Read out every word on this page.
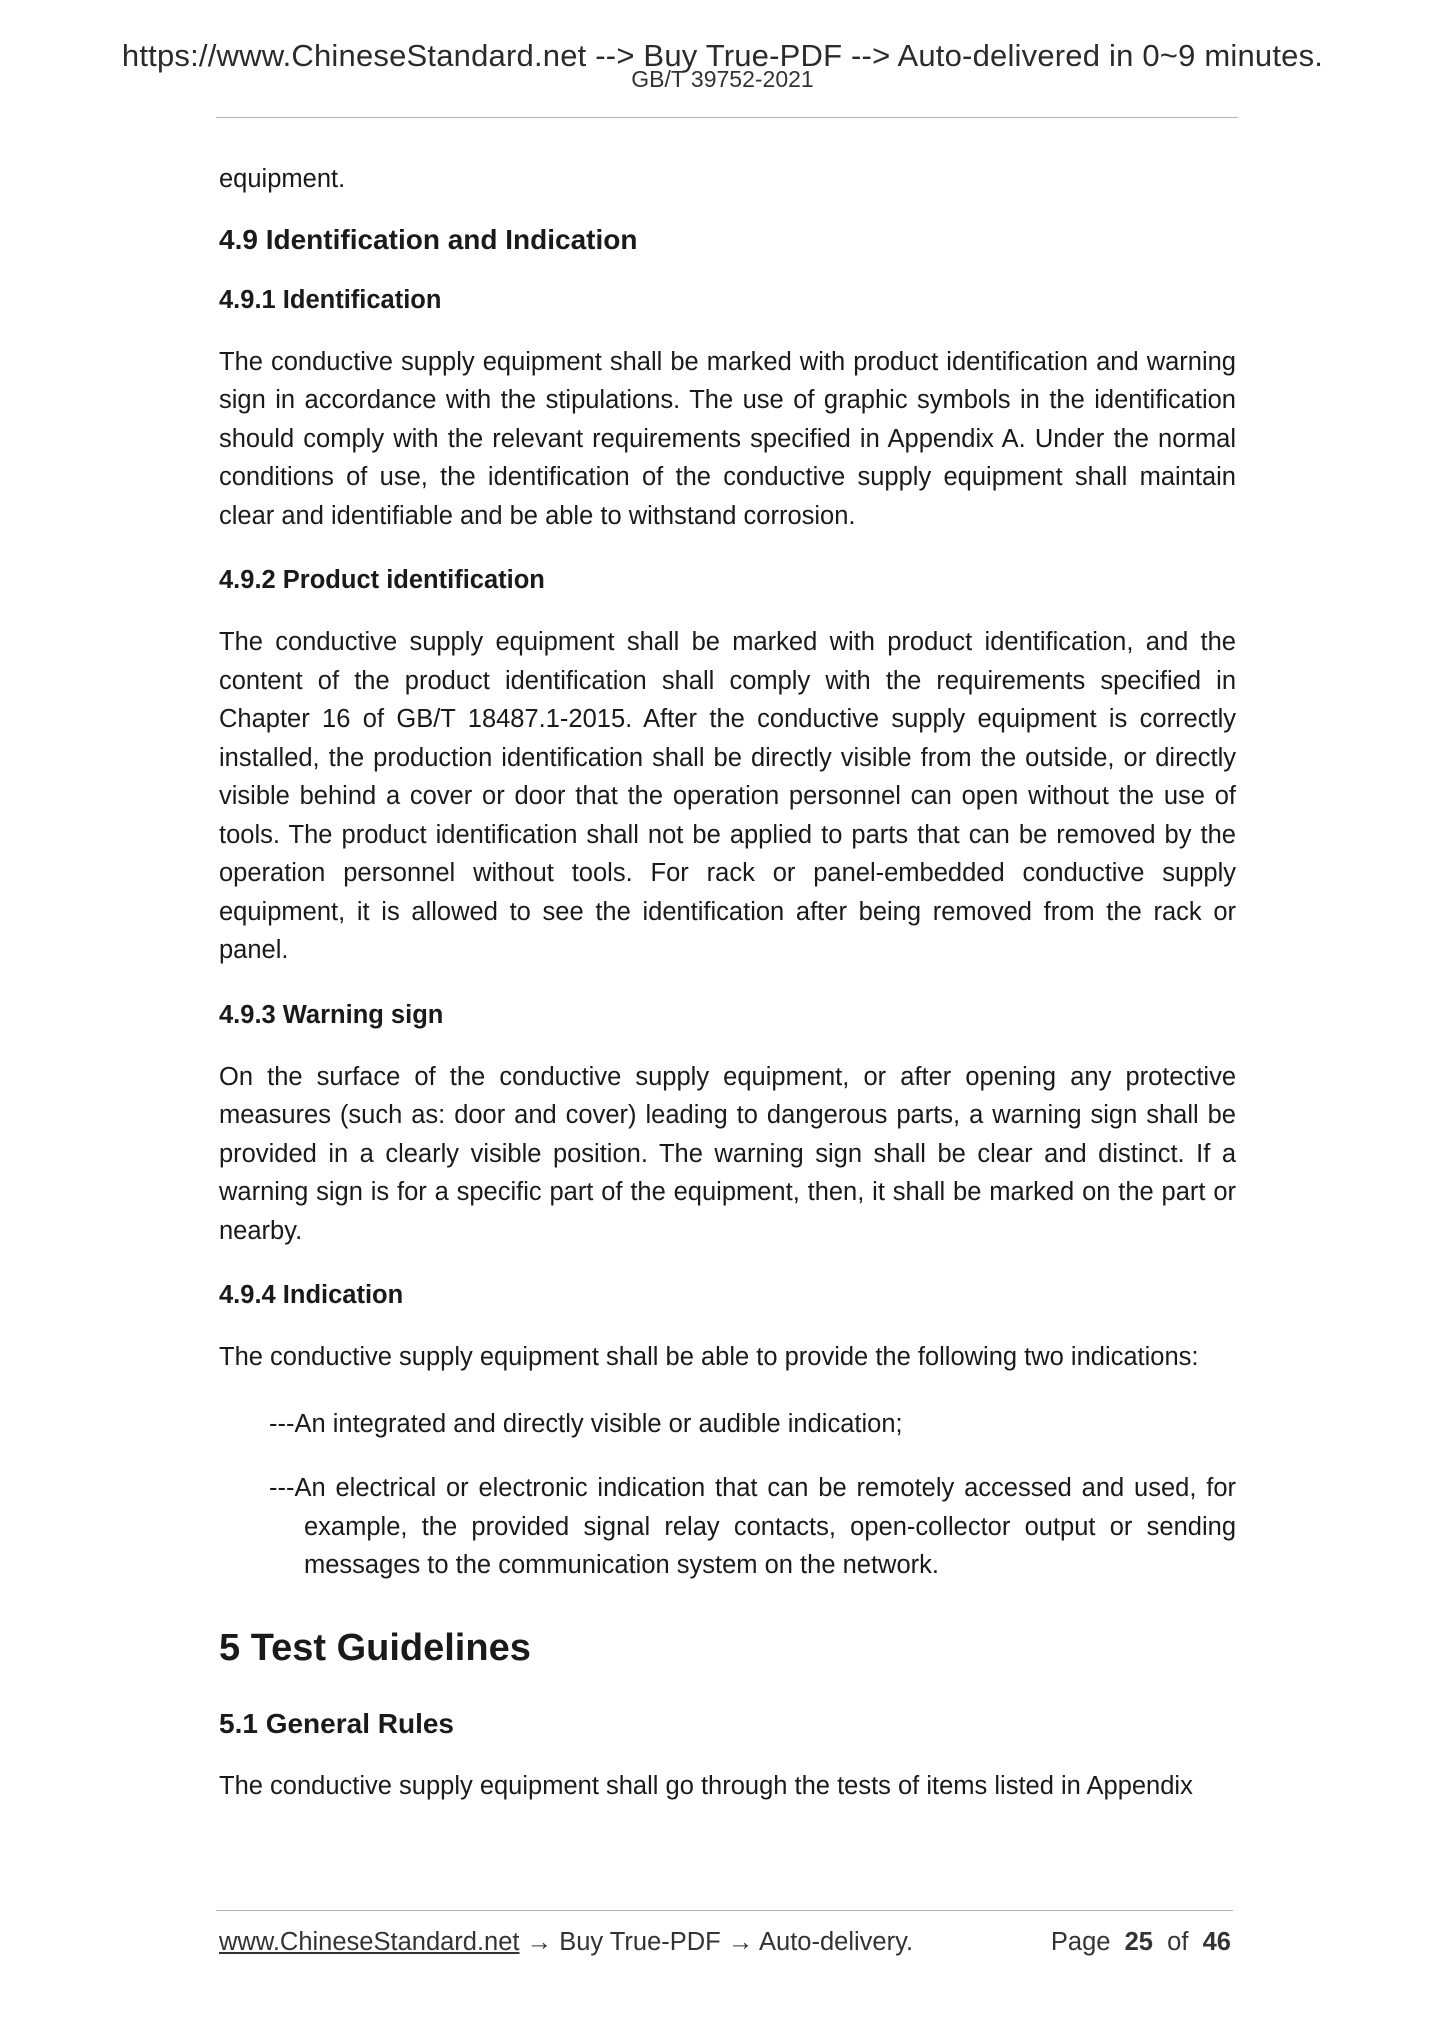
https://www.ChineseStandard.net --> Buy True-PDF --> Auto-delivered in 0~9 minutes.
GB/T 39752-2021

equipment.

4.9 Identification and Indication
4.9.1 Identification

The conductive supply equipment shall be marked with product identification and warning sign in accordance with the stipulations. The use of graphic symbols in the identification should comply with the relevant requirements specified in Appendix A. Under the normal conditions of use, the identification of the conductive supply equipment shall maintain clear and identifiable and be able to withstand corrosion.

4.9.2 Product identification

The conductive supply equipment shall be marked with product identification, and the content of the product identification shall comply with the requirements specified in Chapter 16 of GB/T 18487.1-2015. After the conductive supply equipment is correctly installed, the production identification shall be directly visible from the outside, or directly visible behind a cover or door that the operation personnel can open without the use of tools. The product identification shall not be applied to parts that can be removed by the operation personnel without tools. For rack or panel-embedded conductive supply equipment, it is allowed to see the identification after being removed from the rack or panel.

4.9.3 Warning sign

On the surface of the conductive supply equipment, or after opening any protective measures (such as: door and cover) leading to dangerous parts, a warning sign shall be provided in a clearly visible position. The warning sign shall be clear and distinct. If a warning sign is for a specific part of the equipment, then, it shall be marked on the part or nearby.

4.9.4 Indication

The conductive supply equipment shall be able to provide the following two indications:

---An integrated and directly visible or audible indication;

---An electrical or electronic indication that can be remotely accessed and used, for example, the provided signal relay contacts, open-collector output or sending messages to the communication system on the network.

5 Test Guidelines
5.1 General Rules

The conductive supply equipment shall go through the tests of items listed in Appendix

www.ChineseStandard.net → Buy True-PDF → Auto-delivery.	Page 25 of 46
